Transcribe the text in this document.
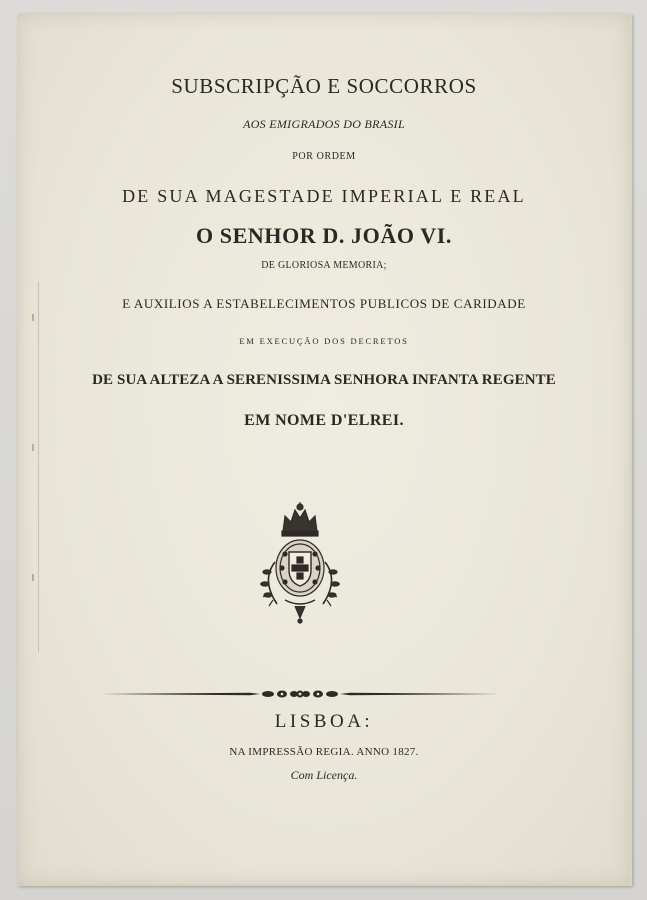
SUBSCRIPÇÃO E SOCCORROS

AOS EMIGRADOS DO BRASIL

POR ORDEM

DE SUA MAGESTADE IMPERIAL E REAL

O SENHOR D. JOÃO VI.

DE GLORIOSA MEMORIA;

E AUXILIOS A ESTABELECIMENTOS PUBLICOS DE CARIDADE

EM EXECUÇÃO DOS DECRETOS

DE SUA ALTEZA A SERENISSIMA SENHORA INFANTA REGENTE

EM NOME D'ELREI.

LISBOA:

NA IMPRESSÃO REGIA. ANNO 1827.

Com Licença.
